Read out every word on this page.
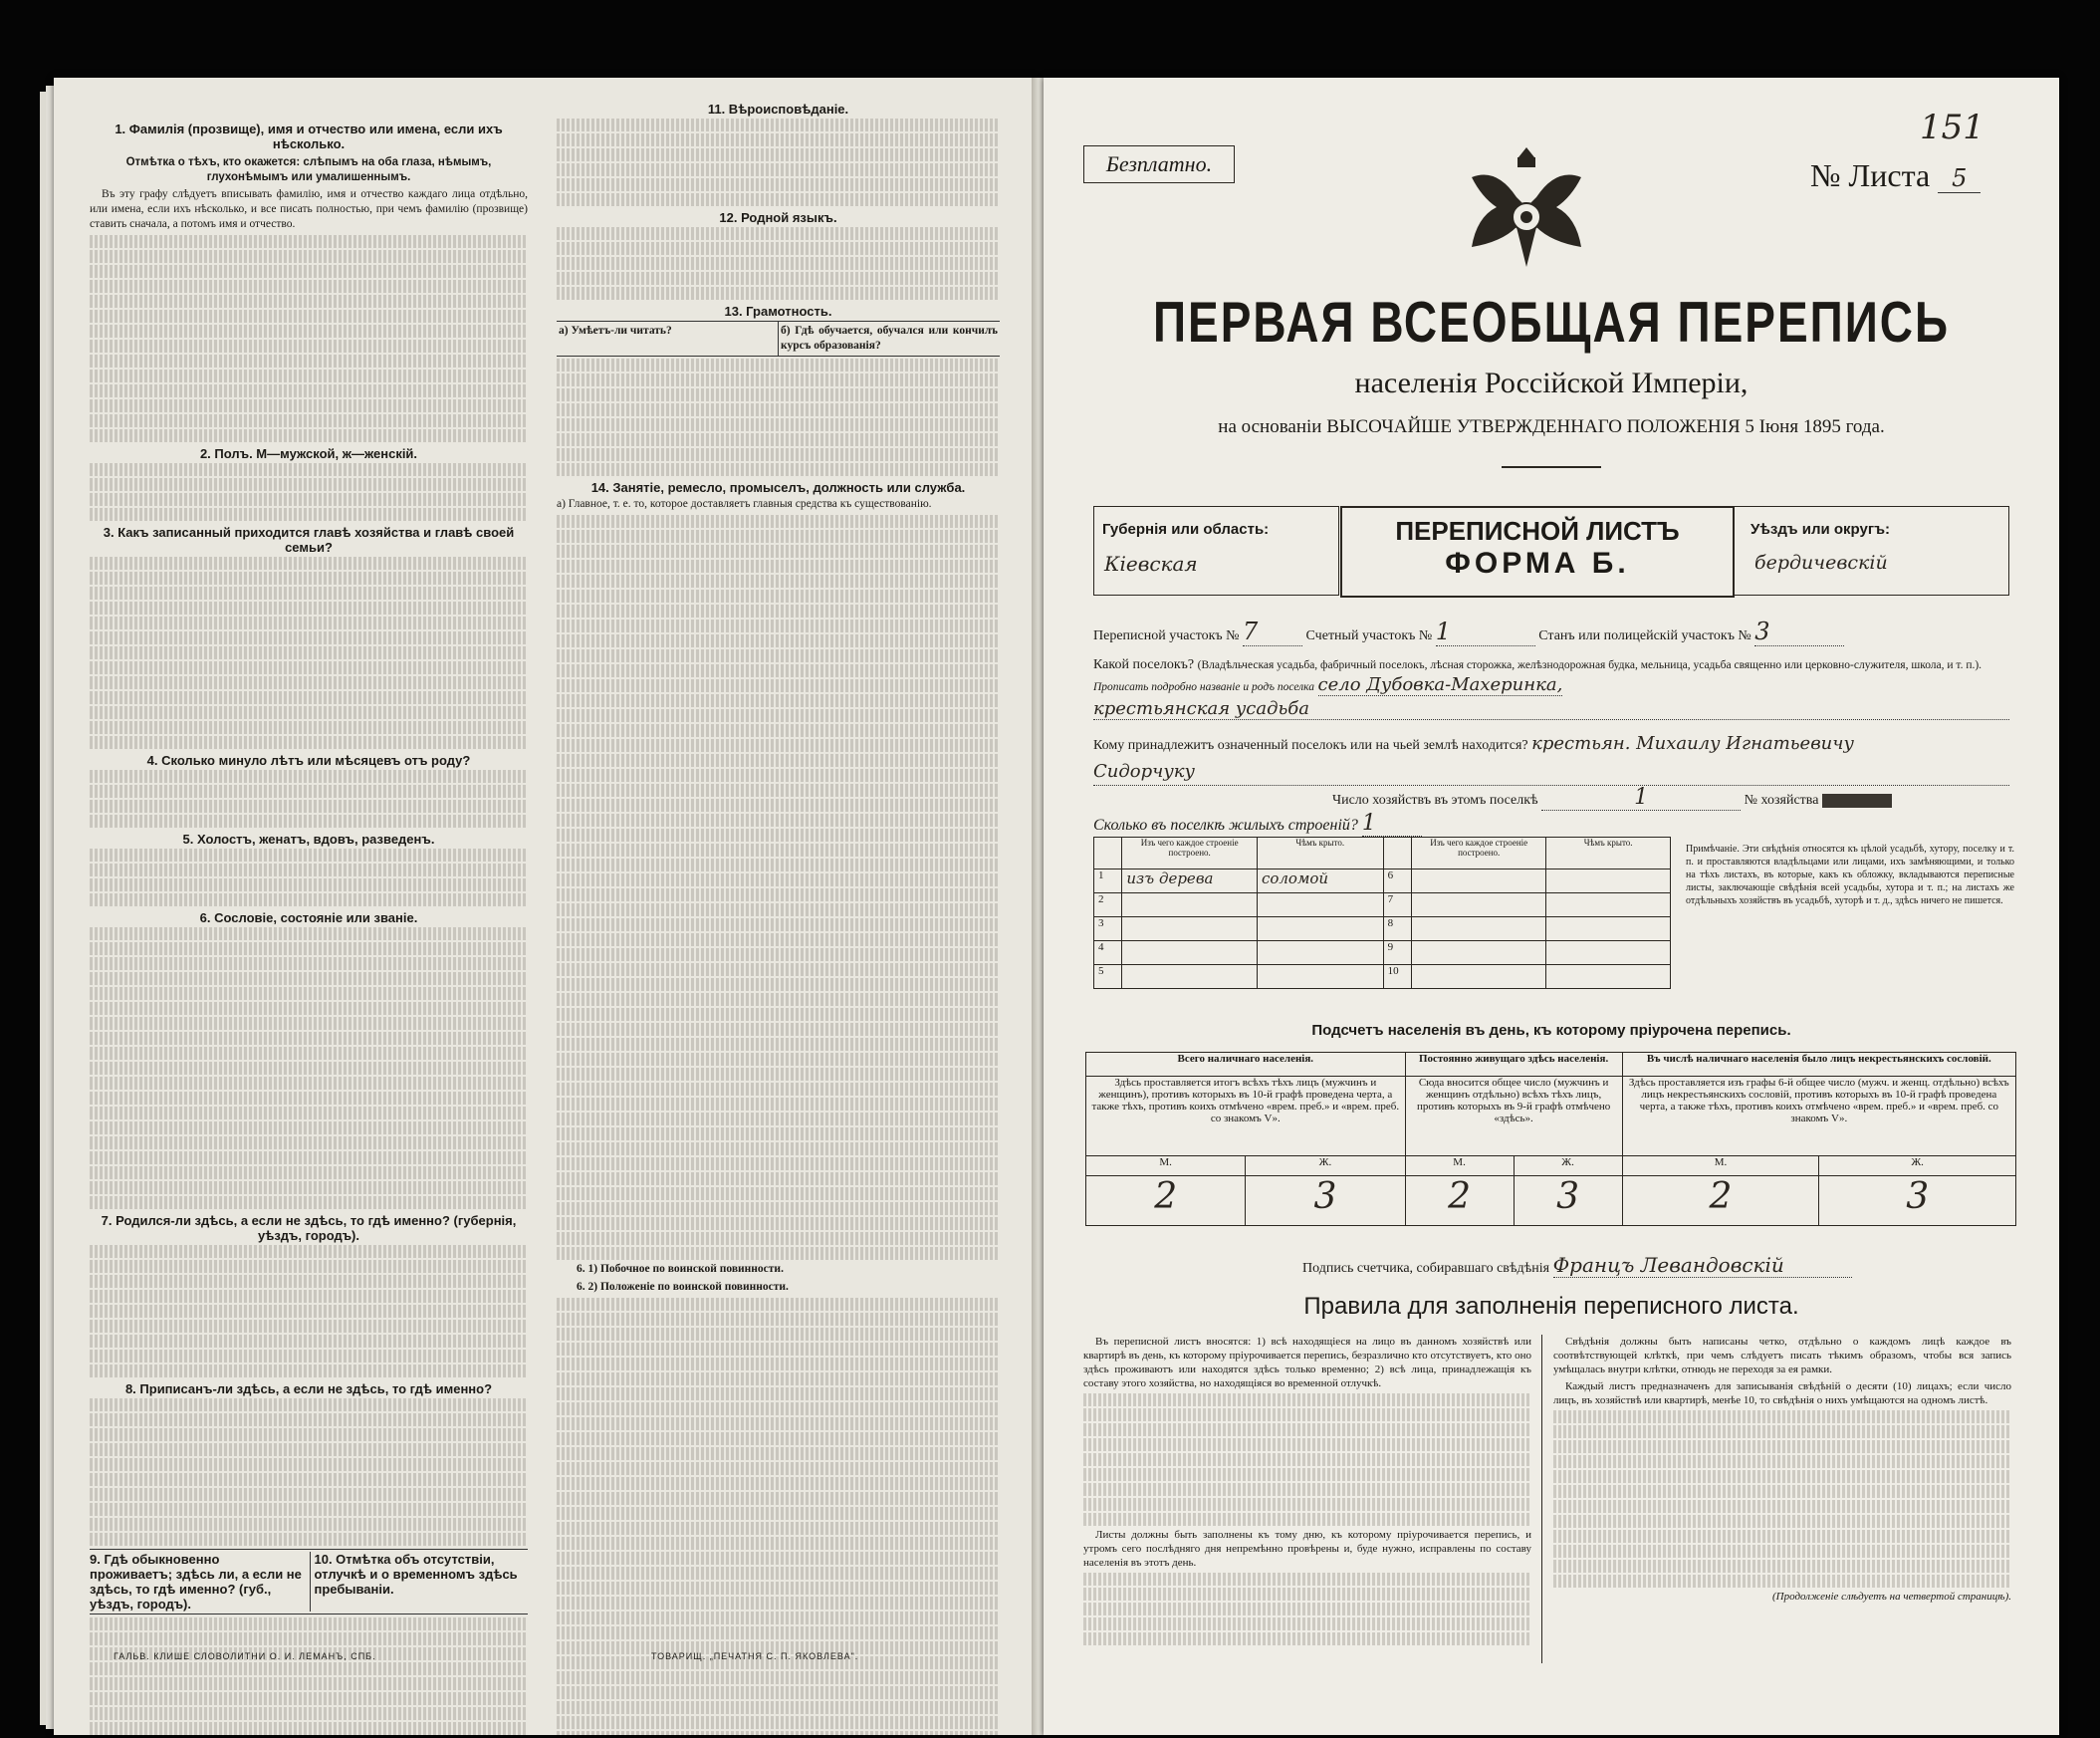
1. Фамилія (прозвище), имя и отчество или имена, если ихъ нѣсколько.
Отмѣтка о тѣхъ, кто окажется: слѣпымъ на оба глаза, нѣмымъ, глухонѣмымъ или умалишеннымъ.

Въ эту графу слѣдуетъ вписывать фамилію, имя и отчество каждаго лица отдѣльно, или имена, если ихъ нѣсколько, и все писать полностью, при чемъ фамилію (прозвище) ставить сначала, а потомъ имя и отчество.

2. Полъ. М—мужской, ж—женскій.
3. Какъ записанный приходится главѣ хозяйства и главѣ своей семьи?
4. Сколько минуло лѣтъ или мѣсяцевъ отъ роду?
5. Холостъ, женатъ, вдовъ, разведенъ.
6. Сословіе, состояніе или званіе.
7. Родился-ли здѣсь, а если не здѣсь, то гдѣ именно? (губернія, уѣздъ, городъ).
8. Приписанъ-ли здѣсь, а если не здѣсь, то гдѣ именно?
9. Гдѣ обыкновенно проживаетъ; здѣсь ли, а если не здѣсь, то гдѣ именно? (губ., уѣздъ, городъ).
10. Отмѣтка объ отсутствіи, отлучкѣ и о временномъ здѣсь пребываніи.
11. Вѣроисповѣданіе.
12. Родной языкъ.
13. Грамотность.
а) Умѣетъ-ли читать?	б) Гдѣ обучается, обучался или кончилъ курсъ образованія?
14. Занятіе, ремесло, промыселъ, должность или служба.

а) Главное, т. е. то, которое доставляетъ главныя средства къ существованію.

6. 1) Побочное по воинской повинности.

6. 2) Положеніе по воинской повинности.

ГАЛЬВ. КЛИШЕ СЛОВОЛИТНИ О. И. ЛЕМАНЪ, СПБ.	ТОВАРИЩ. „ПЕЧАТНЯ С. П. ЯКОВЛЕВА".
Безплатно.
151
№ Листа 5
ПЕРВАЯ ВСЕОБЩАЯ ПЕРЕПИСЬ
населенія Россійской Имперіи,
на основаніи ВЫСОЧАЙШЕ УТВЕРЖДЕННАГО ПОЛОЖЕНІЯ 5 Іюня 1895 года.
Губернія или область:
Кіевская
ПЕРЕПИСНОЙ ЛИСТЪ
ФОРМА Б.
Уѣздъ или округъ:
бердичевскій
Переписной участокъ № 7	Счетный участокъ № 1	Станъ или полицейскій участокъ № 3
Какой поселокъ? (Владѣльческая усадьба, фабричный поселокъ, лѣсная сторожка, желѣзнодорожная будка, мельница, усадьба священно или церковно-служителя, школа, и т. п.). Прописать подробно названіе и родъ поселка село Дубовка-Махеринка,
крестьянская усадьба
Кому принадлежитъ означенный поселокъ или на чьей землѣ находится? крестьян. Михаилу Игнатьевичу
Сидорчуку
Число хозяйствъ въ этомъ поселкѣ	1	№ хозяйства
Сколько въ поселкѣ жилыхъ строеній? 1
	Изъ чего каждое строеніе построено.	Чѣмъ крыто.		Изъ чего каждое строеніе построено.	Чѣмъ крыто.
1	изъ дерева	соломой	6		
2			7		
3			8		
4			9		
5			10		
Примѣчаніе. Эти свѣдѣнія относятся къ цѣлой усадьбѣ, хутору, поселку и т. п. и проставляются владѣльцами или лицами, ихъ замѣняющими, и только на тѣхъ листахъ, въ которые, какъ къ обложку, вкладываются переписные листы, заключающіе свѣдѣнія всей усадьбы, хутора и т. п.; на листахъ же отдѣльныхъ хозяйствъ въ усадьбѣ, хуторѣ и т. д., здѣсь ничего не пишется.
Подсчетъ населенія въ день, къ которому пріурочена перепись.
Всего наличнаго населенія.		Постоянно живущаго здѣсь населенія.		Въ числѣ наличнаго населенія было лицъ некрестьянскихъ сословій.	
Здѣсь проставляется итогъ всѣхъ тѣхъ лицъ (мужчинъ и женщинъ), противъ которыхъ въ 10-й графѣ проведена черта, а также тѣхъ, противъ коихъ отмѣчено «врем. преб.» и «врем. преб. со знакомъ V».		Сюда вносится общее число (мужчинъ и женщинъ отдѣльно) всѣхъ тѣхъ лицъ, противъ которыхъ въ 9-й графѣ отмѣчено «здѣсь».		Здѣсь проставляется изъ графы 6-й общее число (мужч. и женщ. отдѣльно) всѣхъ лицъ некрестьянскихъ сословій, противъ которыхъ въ 10-й графѣ проведена черта, а также тѣхъ, противъ коихъ отмѣчено «врем. преб.» и «врем. преб. со знакомъ V».	
М.	Ж.	М.	Ж.	М.	Ж.
2	3	2	3	2	3
Подпись счетчика, собиравшаго свѣдѣнія Францъ Левандовскій
Правила для заполненія переписного листа.

Въ переписной листъ вносятся: 1) всѣ находящіеся на лицо въ данномъ хозяйствѣ или квартирѣ въ день, къ которому пріурочивается перепись, безразлично кто отсутствуетъ, кто оно здѣсь проживаютъ или находятся здѣсь только временно; 2) всѣ лица, принадлежащія къ составу этого хозяйства, но находящіяся во временной отлучкѣ.

Листы должны быть заполнены къ тому дню, къ которому пріурочивается перепись, и утромъ сего послѣдняго дня непремѣнно провѣрены и, буде нужно, исправлены по составу населенія въ этотъ день.

Свѣдѣнія должны быть написаны четко, отдѣльно о каждомъ лицѣ каждое въ соотвѣтствующей клѣткѣ, при чемъ слѣдуетъ писать тѣкимъ образомъ, чтобы вся запись умѣщалась внутри клѣтки, отнюдь не переходя за ея рамки.

Каждый листъ предназначенъ для записыванія свѣдѣній о десяти (10) лицахъ; если число лицъ, въ хозяйствѣ или квартирѣ, менѣе 10, то свѣдѣнія о нихъ умѣщаются на одномъ листѣ.

(Продолженіе слѣдуетъ на четвертой страницѣ).
